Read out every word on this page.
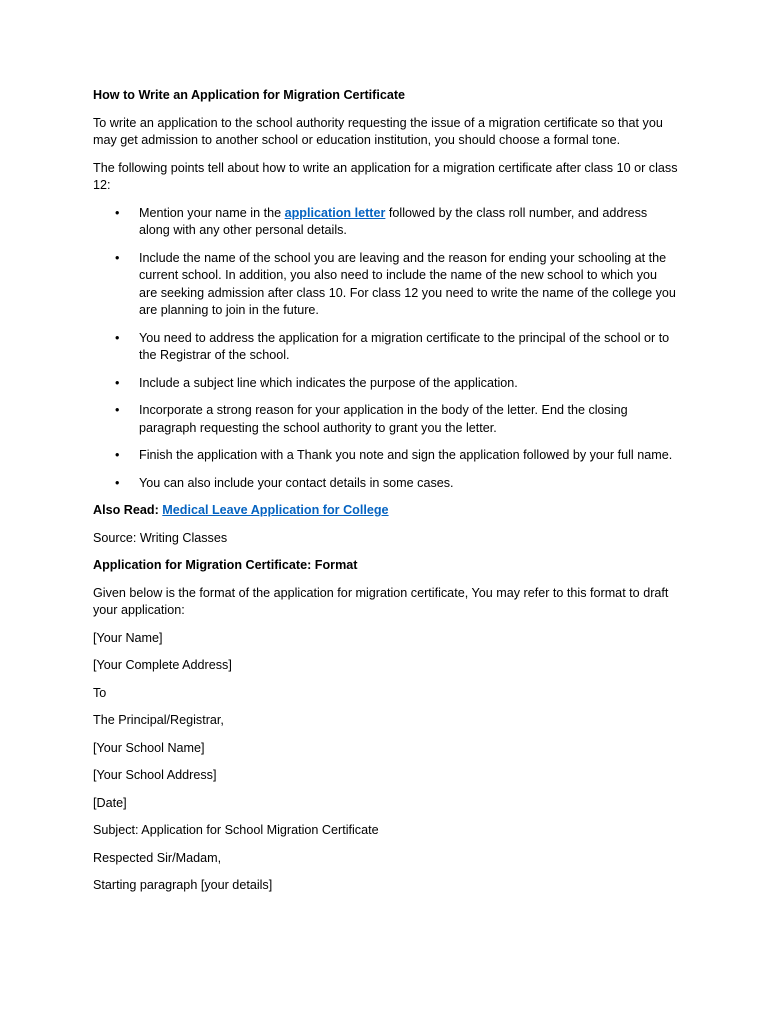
How to Write an Application for Migration Certificate

To write an application to the school authority requesting the issue of a migration certificate so that you may get admission to another school or education institution, you should choose a formal tone.

The following points tell about how to write an application for a migration certificate after class 10 or class 12:

• Mention your name in the application letter followed by the class roll number, and address along with any other personal details.
• Include the name of the school you are leaving and the reason for ending your schooling at the current school. In addition, you also need to include the name of the new school to which you are seeking admission after class 10. For class 12 you need to write the name of the college you are planning to join in the future.
• You need to address the application for a migration certificate to the principal of the school or to the Registrar of the school.
• Include a subject line which indicates the purpose of the application.
• Incorporate a strong reason for your application in the body of the letter. End the closing paragraph requesting the school authority to grant you the letter.
• Finish the application with a Thank you note and sign the application followed by your full name.
• You can also include your contact details in some cases.

Also Read: Medical Leave Application for College

Source: Writing Classes

Application for Migration Certificate: Format

Given below is the format of the application for migration certificate, You may refer to this format to draft your application:

[Your Name]

[Your Complete Address]

To

The Principal/Registrar,

[Your School Name]

[Your School Address]

[Date]

Subject: Application for School Migration Certificate

Respected Sir/Madam,

Starting paragraph [your details]
